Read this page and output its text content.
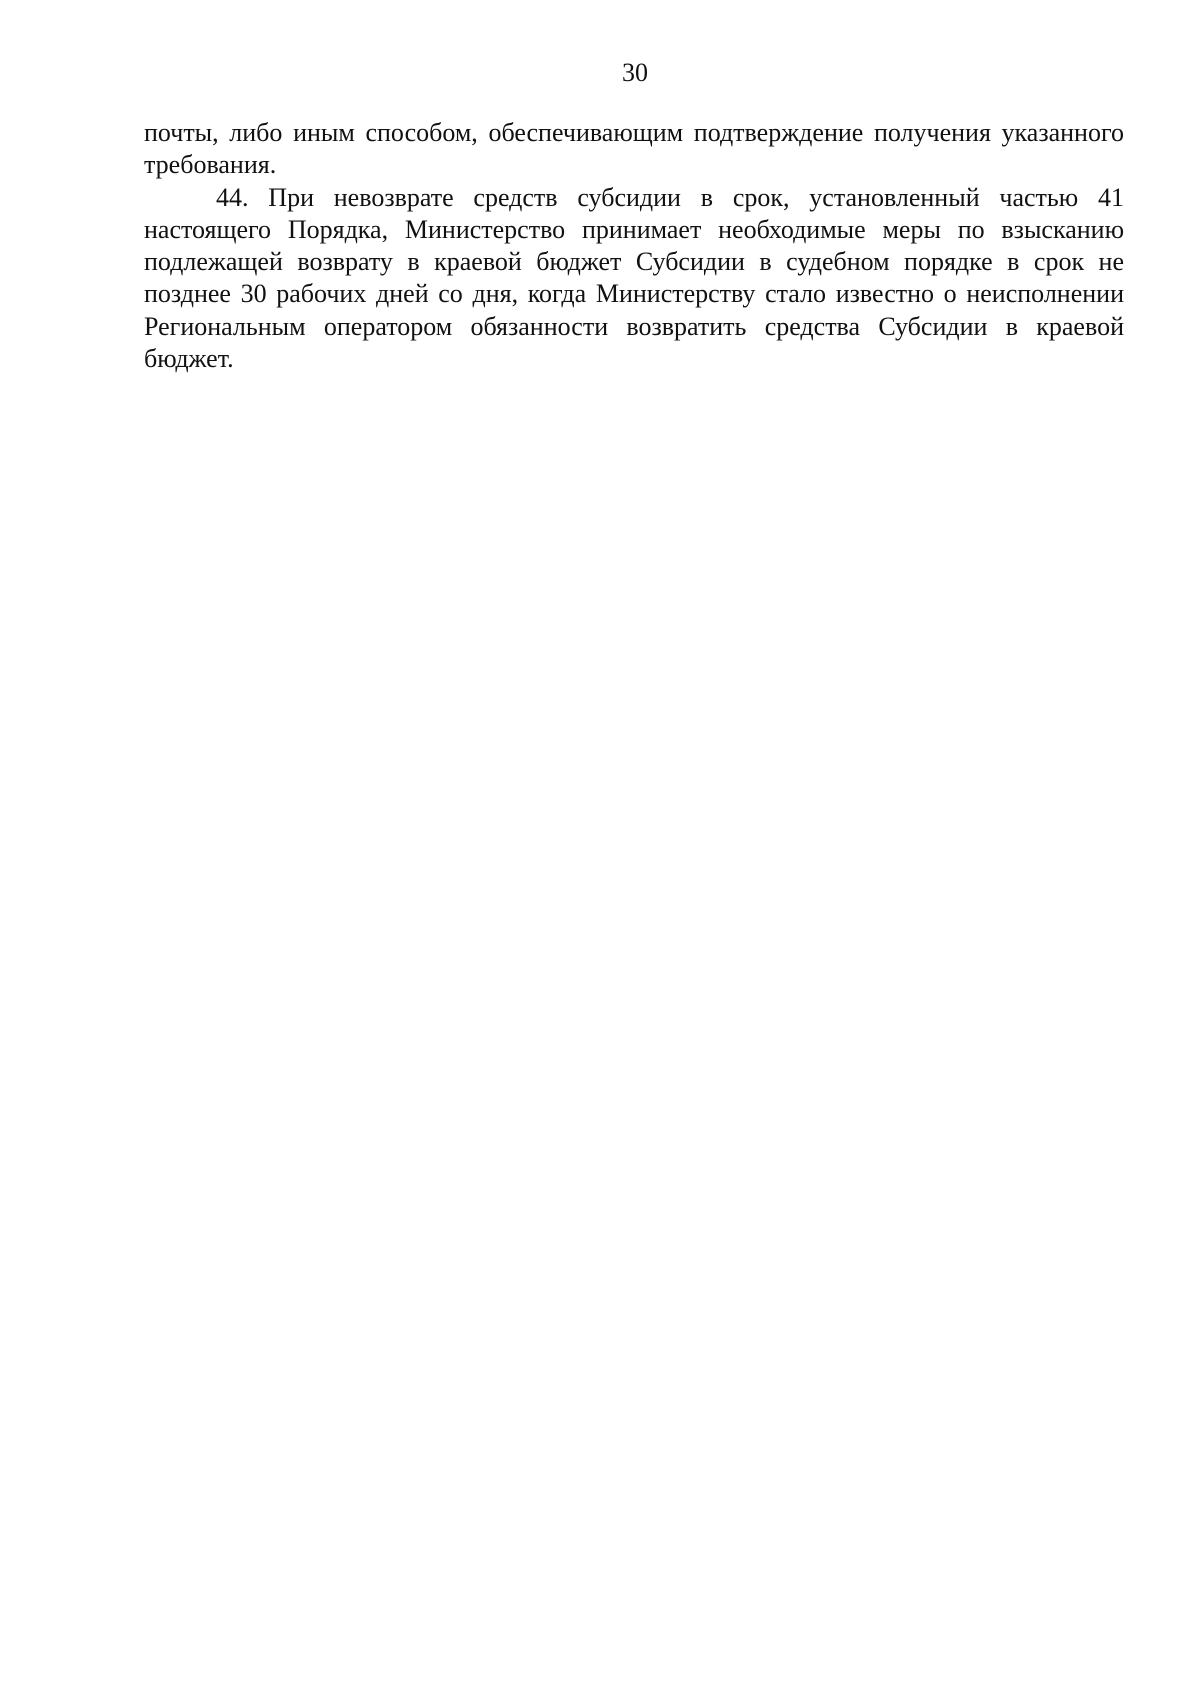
30

почты, либо иным способом, обеспечивающим подтверждение получения указанного требования.

44. При невозврате средств субсидии в срок, установленный частью 41 настоящего Порядка, Министерство принимает необходимые меры по взысканию подлежащей возврату в краевой бюджет Субсидии в судебном порядке в срок не позднее 30 рабочих дней со дня, когда Министерству стало известно о неисполнении Региональным оператором обязанности возвратить средства Субсидии в краевой бюджет.
